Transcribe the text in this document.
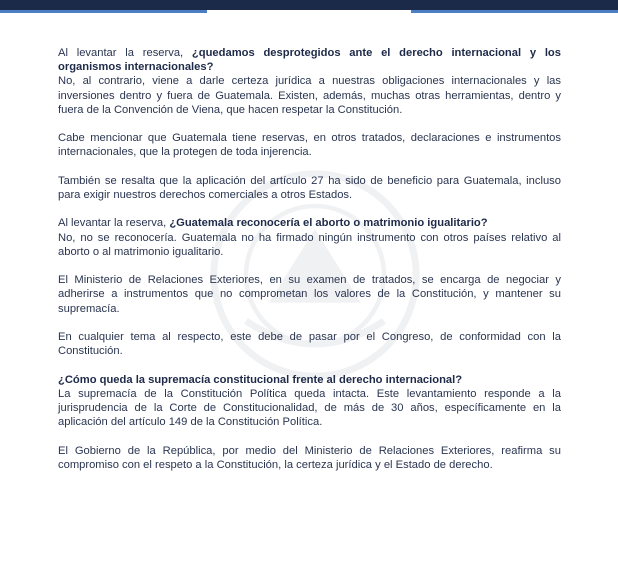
Al levantar la reserva, ¿quedamos desprotegidos ante el derecho internacional y los organismos internacionales?

No, al contrario, viene a darle certeza jurídica a nuestras obligaciones internacionales y las inversiones dentro y fuera de Guatemala. Existen, además, muchas otras herramientas, dentro y fuera de la Convención de Viena, que hacen respetar la Constitución.

Cabe mencionar que Guatemala tiene reservas, en otros tratados, declaraciones e instrumentos internacionales, que la protegen de toda injerencia.

También se resalta que la aplicación del artículo 27 ha sido de beneficio para Guatemala, incluso para exigir nuestros derechos comerciales a otros Estados.

Al levantar la reserva, ¿Guatemala reconocería el aborto o matrimonio igualitario?

No, no se reconocería. Guatemala no ha firmado ningún instrumento con otros países relativo al aborto o al matrimonio igualitario.

El Ministerio de Relaciones Exteriores, en su examen de tratados, se encarga de negociar y adherirse a instrumentos que no comprometan los valores de la Constitución, y mantener su supremacía.

En cualquier tema al respecto, este debe de pasar por el Congreso, de conformidad con la Constitución.

¿Cómo queda la supremacía constitucional frente al derecho internacional?

La supremacía de la Constitución Política queda intacta. Este levantamiento responde a la jurisprudencia de la Corte de Constitucionalidad, de más de 30 años, específicamente en la aplicación del artículo 149 de la Constitución Política.

El Gobierno de la República, por medio del Ministerio de Relaciones Exteriores, reafirma su compromiso con el respeto a la Constitución, la certeza jurídica y el Estado de derecho.
